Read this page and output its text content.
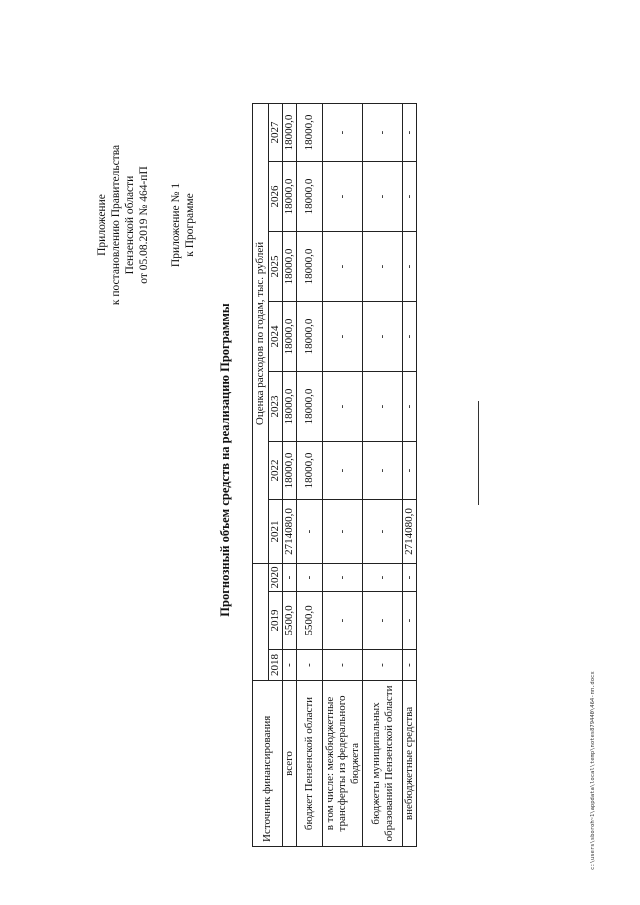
Приложение к постановлению Правительства Пензенской области от 05.08.2019 № 464-пП Приложение № 1 к Программе
Прогнозный объем средств на реализацию Программы
Источник финансирования				Оценка расходов по годам, тыс. рублей						
	2018	2019	2020	2021	2022	2023	2024	2025	2026	2027
всего	-	5500,0	-	2714080,0	18000,0	18000,0	18000,0	18000,0	18000,0	18000,0
бюджет Пензенской области	-	5500,0	-	-	18000,0	18000,0	18000,0	18000,0	18000,0	18000,0
в том числе: межбюджетные трансферты из федерального бюджета	-	-	-	-	-	-	-	-	-	-
бюджеты муниципальных образований Пензенской области	-	-	-	-	-	-	-	-	-	-
внебюджетные средства	-	-	-	2714080,0	-	-	-	-	-	-
c:\users\sboroh~1\appdata\local\temp\notes879440\464-пп.docx
